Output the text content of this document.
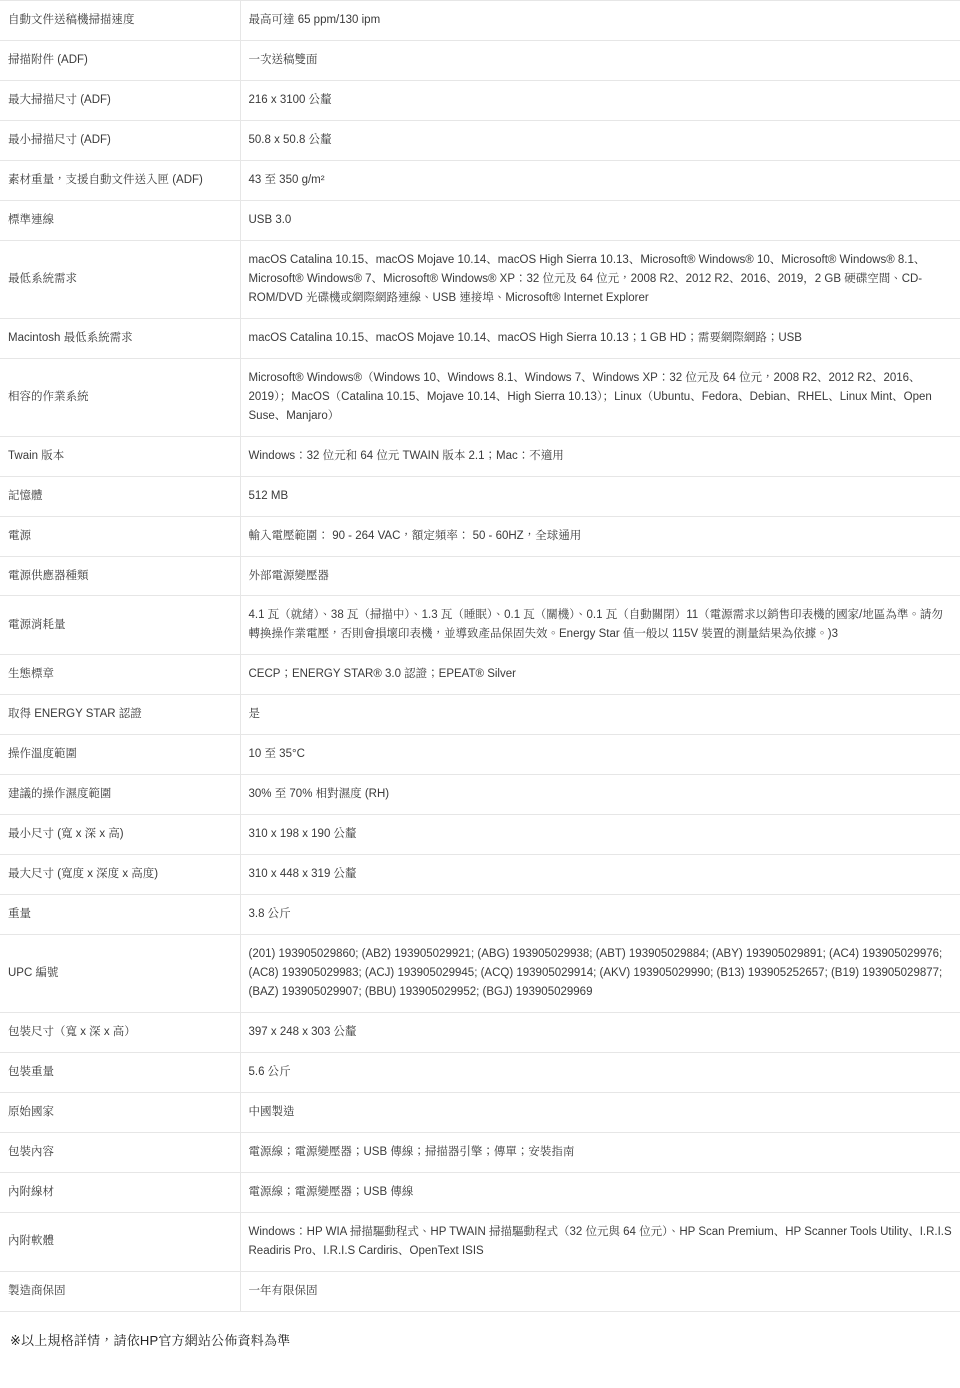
自動文件送稿機掃描速度	最高可達 65 ppm/130 ipm
掃描附件 (ADF)	一次送稿雙面
最大掃描尺寸 (ADF)	216 x 3100 公釐
最小掃描尺寸 (ADF)	50.8 x 50.8 公釐
素材重量，支援自動文件送入匣 (ADF)	43 至 350 g/m²
標準連線	USB 3.0
最低系統需求	macOS Catalina 10.15、macOS Mojave 10.14、macOS High Sierra 10.13、Microsoft® Windows® 10、Microsoft® Windows® 8.1、Microsoft® Windows® 7、Microsoft® Windows® XP：32 位元及 64 位元，2008 R2、2012 R2、2016、2019，2 GB 硬碟空間、CD-ROM/DVD 光碟機或網際網路連線、USB 連接埠、Microsoft® Internet Explorer
Macintosh 最低系統需求	macOS Catalina 10.15、macOS Mojave 10.14、macOS High Sierra 10.13；1 GB HD；需要網際網路；USB
相容的作業系統	Microsoft® Windows®（Windows 10、Windows 8.1、Windows 7、Windows XP：32 位元及 64 位元，2008 R2、2012 R2、2016、2019）；MacOS（Catalina 10.15、Mojave 10.14、High Sierra 10.13）；Linux（Ubuntu、Fedora、Debian、RHEL、Linux Mint、Open Suse、Manjaro）
Twain 版本	Windows：32 位元和 64 位元 TWAIN 版本 2.1；Mac：不適用
記憶體	512 MB
電源	輸入電壓範圍： 90 - 264 VAC，額定頻率： 50 - 60HZ，全球通用
電源供應器種類	外部電源變壓器
電源消耗量	4.1 瓦（就緒）、38 瓦（掃描中）、1.3 瓦（睡眠）、0.1 瓦（關機）、0.1 瓦（自動關閉）11（電源需求以銷售印表機的國家/地區為準。請勿轉換操作業電壓，否則會損壞印表機，並導致產品保固失效。Energy Star 值一般以 115V 裝置的測量結果為依據。)3
生態標章	CECP；ENERGY STAR® 3.0 認證；EPEAT® Silver
取得 ENERGY STAR 認證	是
操作溫度範圍	10 至 35°C
建議的操作濕度範圍	30% 至 70% 相對濕度 (RH)
最小尺寸 (寬 x 深 x 高)	310 x 198 x 190 公釐
最大尺寸 (寬度 x 深度 x 高度)	310 x 448 x 319 公釐
重量	3.8 公斤
UPC 編號	(201) 193905029860; (AB2) 193905029921; (ABG) 193905029938; (ABT) 193905029884; (ABY) 193905029891; (AC4) 193905029976; (AC8) 193905029983; (ACJ) 193905029945; (ACQ) 193905029914; (AKV) 193905029990; (B13) 193905252657; (B19) 193905029877; (BAZ) 193905029907; (BBU) 193905029952; (BGJ) 193905029969
包裝尺寸（寬 x 深 x 高）	397 x 248 x 303 公釐
包裝重量	5.6 公斤
原始國家	中國製造
包裝內容	電源線；電源變壓器；USB 傳線；掃描器引擎；傳單；安裝指南
內附線材	電源線；電源變壓器；USB 傳線
內附軟體	Windows：HP WIA 掃描驅動程式、HP TWAIN 掃描驅動程式（32 位元與 64 位元）、HP Scan Premium、HP Scanner Tools Utility、I.R.I.S Readiris Pro、I.R.I.S Cardiris、OpenText ISIS
製造商保固	一年有限保固
※以上規格詳情，請依HP官方網站公佈資料為準
